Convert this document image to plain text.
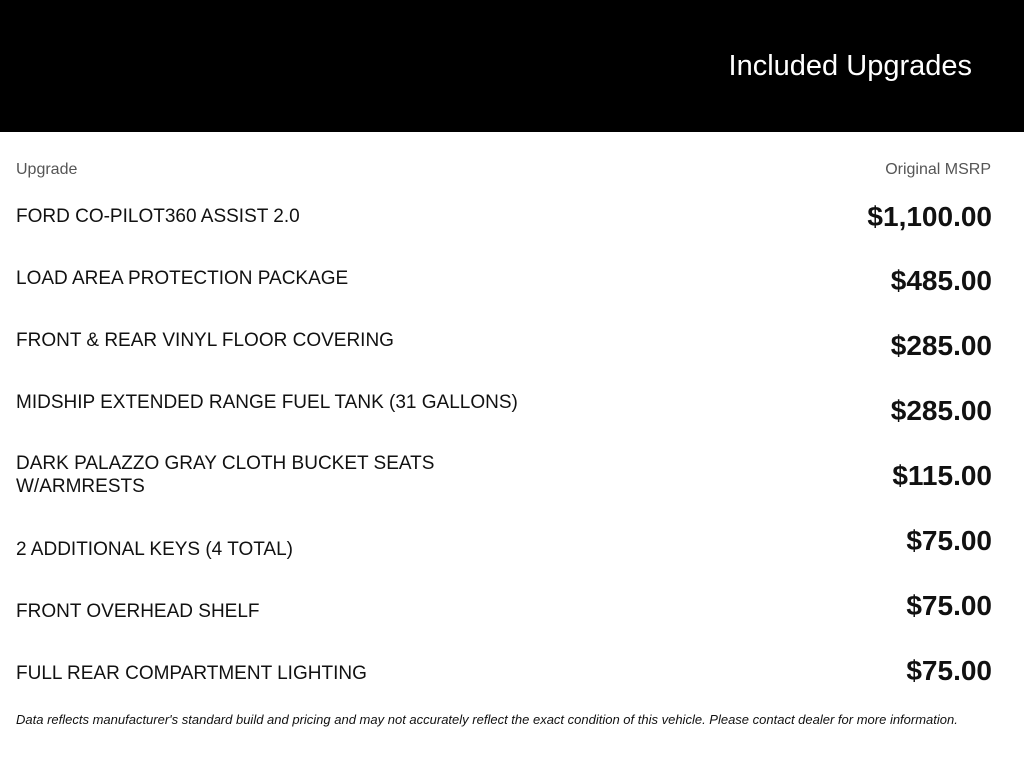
Included Upgrades
Upgrade	Original MSRP
FORD CO-PILOT360 ASSIST 2.0	$1,100.00
LOAD AREA PROTECTION PACKAGE	$485.00
FRONT & REAR VINYL FLOOR COVERING	$285.00
MIDSHIP EXTENDED RANGE FUEL TANK (31 GALLONS)	$285.00
DARK PALAZZO GRAY CLOTH BUCKET SEATS W/ARMRESTS	$115.00
2 ADDITIONAL KEYS (4 TOTAL)	$75.00
FRONT OVERHEAD SHELF	$75.00
FULL REAR COMPARTMENT LIGHTING	$75.00
Data reflects manufacturer's standard build and pricing and may not accurately reflect the exact condition of this vehicle. Please contact dealer for more information.
